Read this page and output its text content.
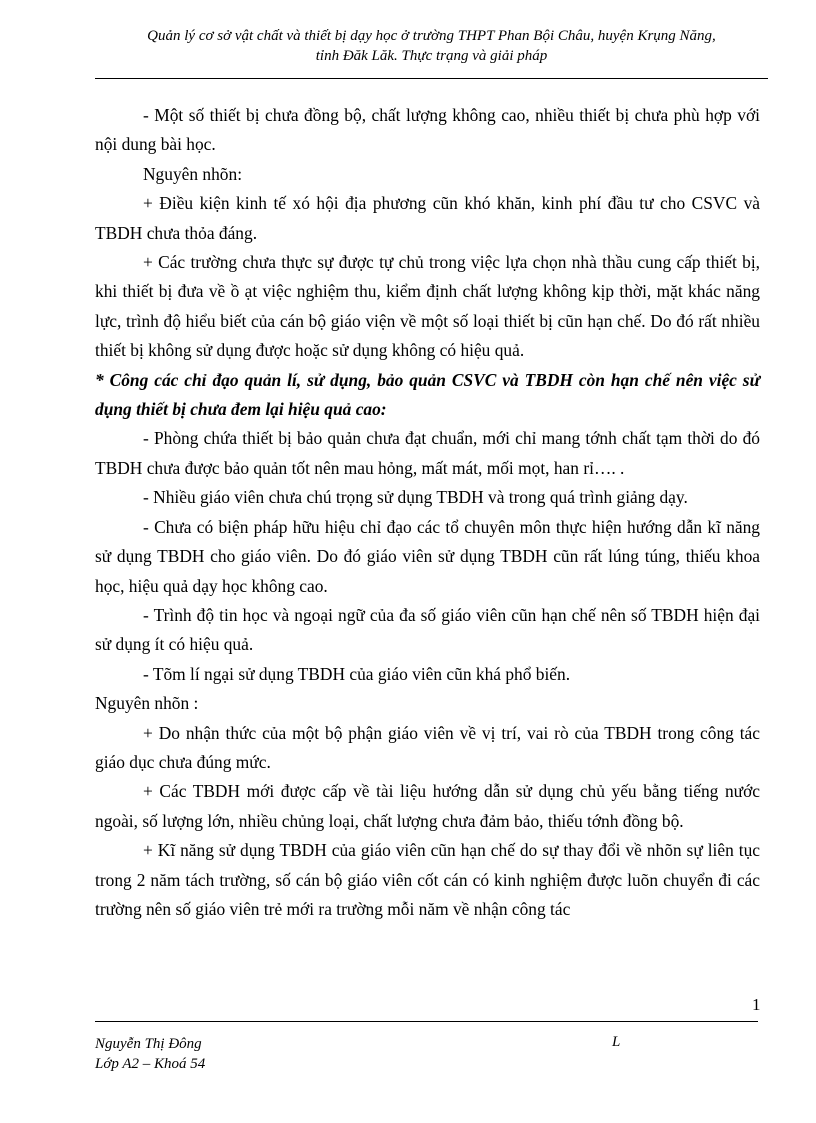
Quản lý cơ sở vật chất và thiết bị dạy học ở trường THPT Phan Bội Châu, huyện Krụng Năng,
tỉnh Đăk Lăk. Thực trạng và giải pháp

- Một số thiết bị chưa đồng bộ, chất lượng không cao, nhiều thiết bị chưa phù hợp với nội dung bài học.

Nguyên nhõn:

+ Điều kiện kinh tế xó hội địa phương cũn khó khăn, kinh phí đầu tư cho CSVC và TBDH chưa thỏa đáng.

+ Các trường chưa thực sự được tự chủ trong việc lựa chọn nhà thầu cung cấp thiết bị, khi thiết bị đưa về ồ ạt việc nghiệm thu, kiểm định chất lượng không kịp thời, mặt khác năng lực, trình độ hiểu biết của cán bộ giáo viện về một số loại thiết bị cũn hạn chế. Do đó rất nhiều thiết bị không sử dụng được hoặc sử dụng không có hiệu quả.

* Công các chỉ đạo quản lí, sử dụng, bảo quản CSVC và TBDH còn hạn chế nên việc sử dụng thiết bị chưa đem lại hiệu quả cao:

- Phòng chứa thiết bị bảo quản chưa đạt chuẩn, mới chỉ mang tớnh chất tạm thời do đó TBDH chưa được bảo quản tốt nên mau hỏng, mất mát, mối mọt, han rỉ…. .

- Nhiều giáo viên chưa chú trọng sử dụng TBDH và trong quá trình giảng dạy.

- Chưa có biện pháp hữu hiệu chỉ đạo các tổ chuyên môn thực hiện hướng dẫn kĩ năng sử dụng TBDH cho giáo viên. Do đó giáo viên sử dụng TBDH cũn rất lúng túng, thiếu khoa học, hiệu quả dạy học không cao.

- Trình độ tin học và ngoại ngữ của đa số giáo viên cũn hạn chế nên số TBDH hiện đại sử dụng ít có hiệu quả.

- Tõm lí ngại sử dụng TBDH của giáo viên cũn khá phổ biến.

Nguyên nhõn :

+ Do nhận thức của một bộ phận giáo viên về vị trí, vai rò của TBDH trong công tác giáo dục chưa đúng mức.

+ Các TBDH mới được cấp về tài liệu hướng dẫn sử dụng chủ yếu bằng tiếng nước ngoài, số lượng lớn, nhiều chủng loại, chất lượng chưa đảm bảo, thiếu tớnh đồng bộ.

+ Kĩ năng sử dụng TBDH của giáo viên cũn hạn chế do sự thay đổi về nhõn sự liên tục trong 2 năm tách trường, số cán bộ giáo viên cốt cán có kinh nghiệm được luõn chuyển đi các trường nên số giáo viên trẻ mới ra trường mỗi năm về nhận công tác

1
Nguyễn Thị Đông
Lớp A2 – Khoá 54
L
